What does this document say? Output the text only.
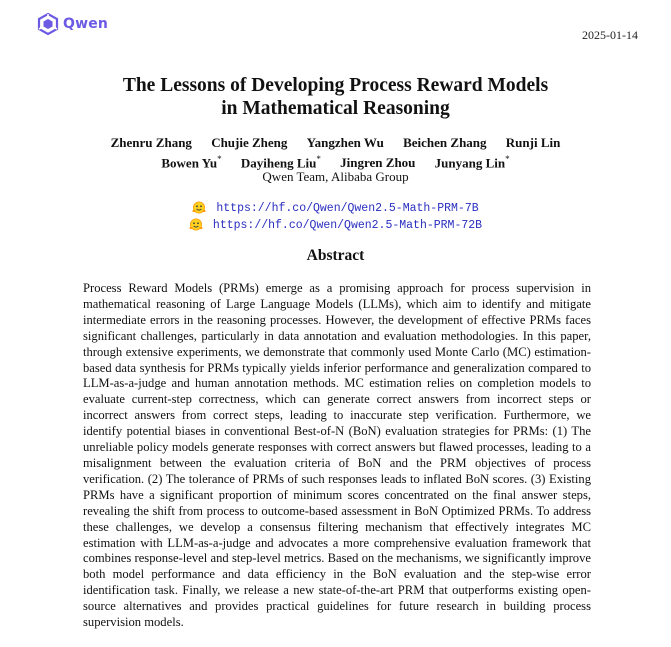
Qwen
2025-01-14
The Lessons of Developing Process Reward Models
in Mathematical Reasoning
Zhenru Zhang Chujie Zheng Yangzhen Wu Beichen Zhang Runji Lin
Bowen Yu* Dayiheng Liu* Jingren Zhou Junyang Lin*
Qwen Team, Alibaba Group
https://hf.co/Qwen/Qwen2.5-Math-PRM-7B
https://hf.co/Qwen/Qwen2.5-Math-PRM-72B
Abstract
Process Reward Models (PRMs) emerge as a promising approach for process supervision in mathematical reasoning of Large Language Models (LLMs), which aim to identify and mitigate intermediate errors in the reasoning processes. However, the development of effective PRMs faces significant challenges, particularly in data annotation and evaluation methodologies. In this paper, through extensive experiments, we demonstrate that commonly used Monte Carlo (MC) estimation-based data synthesis for PRMs typically yields inferior performance and generalization compared to LLM-as-a-judge and human annotation methods. MC estimation relies on completion models to evaluate current-step correctness, which can generate correct answers from incorrect steps or incorrect answers from correct steps, leading to inaccurate step verification. Furthermore, we identify potential biases in conventional Best-of-N (BoN) evaluation strategies for PRMs: (1) The unreliable policy models generate responses with correct answers but flawed processes, leading to a misalignment between the evaluation criteria of BoN and the PRM objectives of process verification. (2) The tolerance of PRMs of such responses leads to inflated BoN scores. (3) Existing PRMs have a significant proportion of minimum scores concentrated on the final answer steps, revealing the shift from process to outcome-based assessment in BoN Optimized PRMs. To address these challenges, we develop a consensus filtering mechanism that effectively integrates MC estimation with LLM-as-a-judge and advocates a more comprehensive evaluation framework that combines response-level and step-level metrics. Based on the mechanisms, we significantly improve both model performance and data efficiency in the BoN evaluation and the step-wise error identification task. Finally, we release a new state-of-the-art PRM that outperforms existing open-source alternatives and provides practical guidelines for future research in building process supervision models.
